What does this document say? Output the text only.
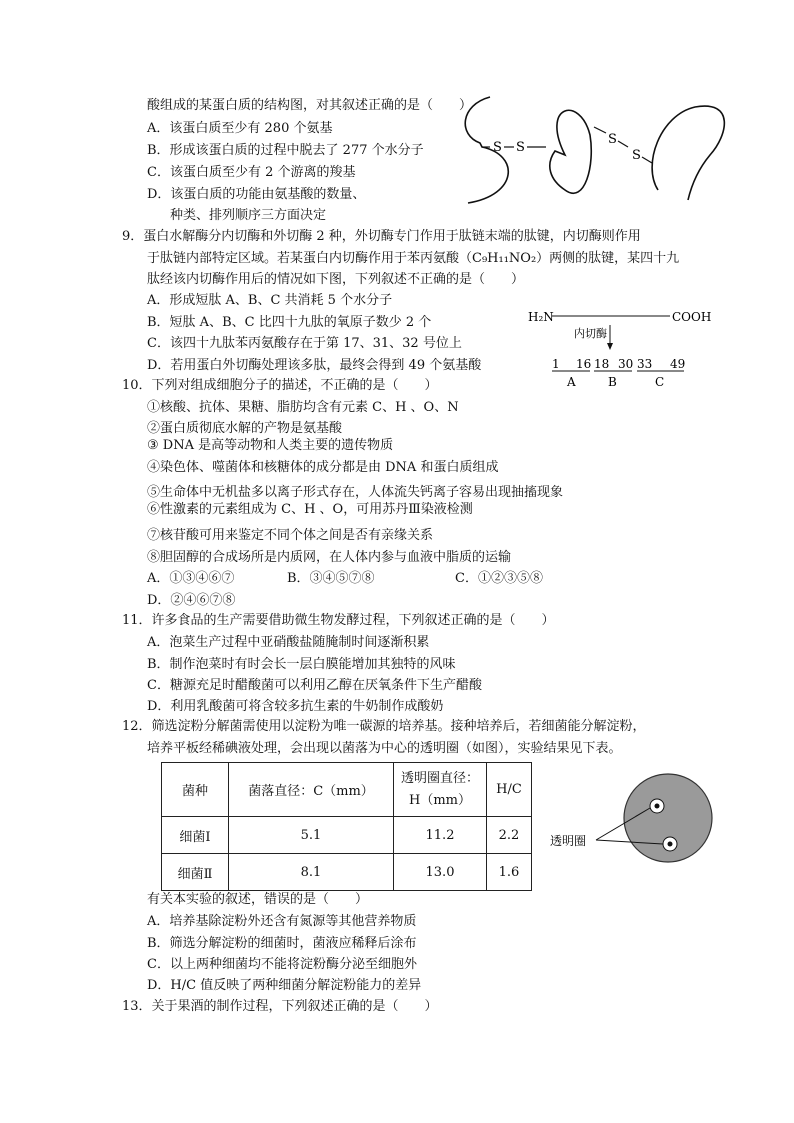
酸组成的某蛋白质的结构图，对其叙述正确的是（　　）
A．该蛋白质至少有 280 个氨基
B．形成该蛋白质的过程中脱去了 277 个水分子
C．该蛋白质至少有 2 个游离的羧基
D．该蛋白质的功能由氨基酸的数量、
种类、排列顺序三方面决定
S S
S
S
9．蛋白水解酶分内切酶和外切酶 2 种，外切酶专门作用于肽链末端的肽键，内切酶则作用
于肽链内部特定区域。若某蛋白内切酶作用于苯丙氨酸（C₉H₁₁NO₂）两侧的肽键，某四十九
肽经该内切酶作用后的情况如下图，下列叙述不正确的是（　　）
A．形成短肽 A、B、C 共消耗 5 个水分子
B．短肽 A、B、C 比四十九肽的氧原子数少 2 个
C．该四十九肽苯丙氨酸存在于第 17、31、32 号位上
D．若用蛋白外切酶处理该多肽，最终会得到 49 个氨基酸
H₂N	COOH
内切酶
1 16 18 30 33 49
A	B	C
10．下列对组成细胞分子的描述，不正确的是（　　）
①核酸、抗体、果糖、脂肪均含有元素 C、H 、O、N
②蛋白质彻底水解的产物是氨基酸
③ DNA 是高等动物和人类主要的遗传物质
④染色体、噬菌体和核糖体的成分都是由 DNA 和蛋白质组成
⑤生命体中无机盐多以离子形式存在，人体流失钙离子容易出现抽搐现象
⑥性激素的元素组成为 C、H 、O，可用苏丹Ⅲ染液检测
⑦核苷酸可用来鉴定不同个体之间是否有亲缘关系
⑧胆固醇的合成场所是内质网，在人体内参与血液中脂质的运输
A．①③④⑥⑦	B．③④⑤⑦⑧	C．①②③⑤⑧
D．②④⑥⑦⑧
11．许多食品的生产需要借助微生物发酵过程，下列叙述正确的是（　　）
A．泡菜生产过程中亚硝酸盐随腌制时间逐渐积累
B．制作泡菜时有时会长一层白膜能增加其独特的风味
C．糖源充足时醋酸菌可以利用乙醇在厌氧条件下生产醋酸
D．利用乳酸菌可将含较多抗生素的牛奶制作成酸奶
12．筛选淀粉分解菌需使用以淀粉为唯一碳源的培养基。接种培养后，若细菌能分解淀粉，
培养平板经稀碘液处理，会出现以菌落为中心的透明圈（如图），实验结果见下表。
菌种	菌落直径：C（mm）	透明圈直径：
H（mm）	H/C
细菌Ⅰ	5.1	11.2	2.2
细菌Ⅱ	8.1	13.0	1.6
透明圈
有关本实验的叙述，错误的是（　　）
A．培养基除淀粉外还含有氮源等其他营养物质
B．筛选分解淀粉的细菌时，菌液应稀释后涂布
C．以上两种细菌均不能将淀粉酶分泌至细胞外
D．H/C 值反映了两种细菌分解淀粉能力的差异
13．关于果酒的制作过程，下列叙述正确的是（　　）
